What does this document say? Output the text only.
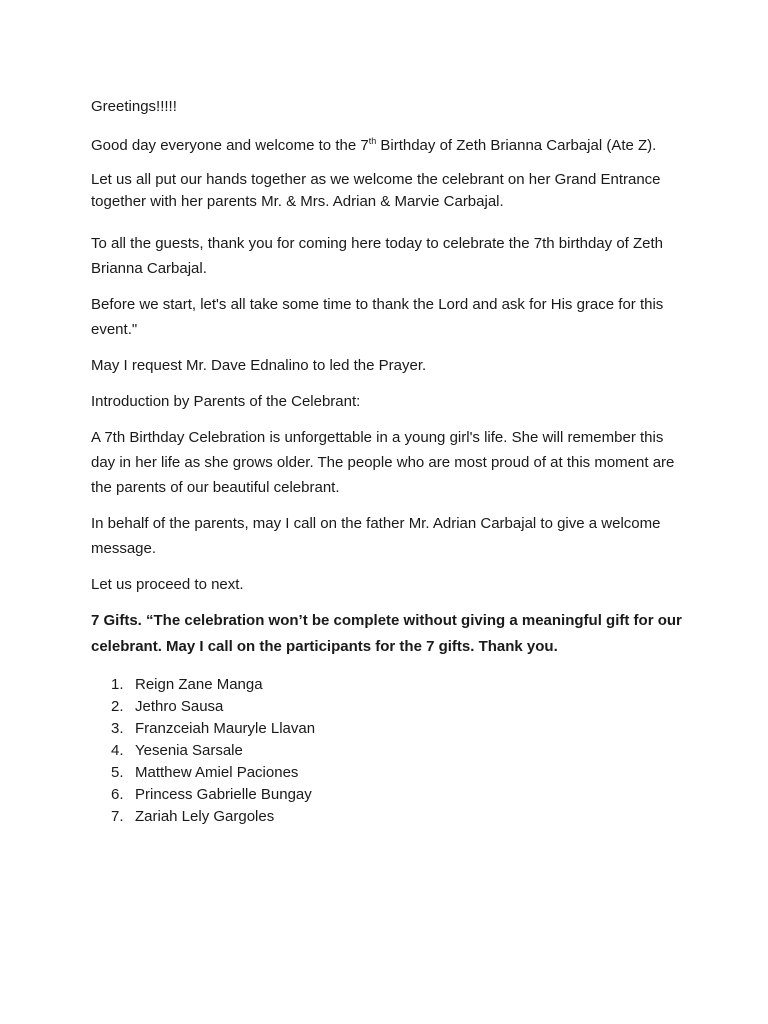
Greetings!!!!!

Good day everyone and welcome to the 7th Birthday of Zeth Brianna Carbajal (Ate Z).

Let us all put our hands together as we welcome the celebrant on her Grand Entrance together with her parents Mr. & Mrs. Adrian & Marvie Carbajal.

To all the guests, thank you for coming here today to celebrate the 7th birthday of Zeth Brianna Carbajal.

Before we start, let's all take some time to thank the Lord and ask for His grace for this event."

May I request Mr. Dave Ednalino to led the Prayer.

Introduction by Parents of the Celebrant:

A 7th Birthday Celebration is unforgettable in a young girl's life. She will remember this day in her life as she grows older. The people who are most proud of at this moment are the parents of our beautiful celebrant.

In behalf of the parents, may I call on the father Mr. Adrian Carbajal to give a welcome message.

Let us proceed to next.

7 Gifts. “The celebration won’t be complete without giving a meaningful gift for our celebrant. May I call on the participants for the 7 gifts. Thank you.

1. Reign Zane Manga
2. Jethro Sausa
3. Franzceiah Mauryle Llavan
4. Yesenia Sarsale
5. Matthew Amiel Paciones
6. Princess Gabrielle Bungay
7. Zariah Lely Gargoles
